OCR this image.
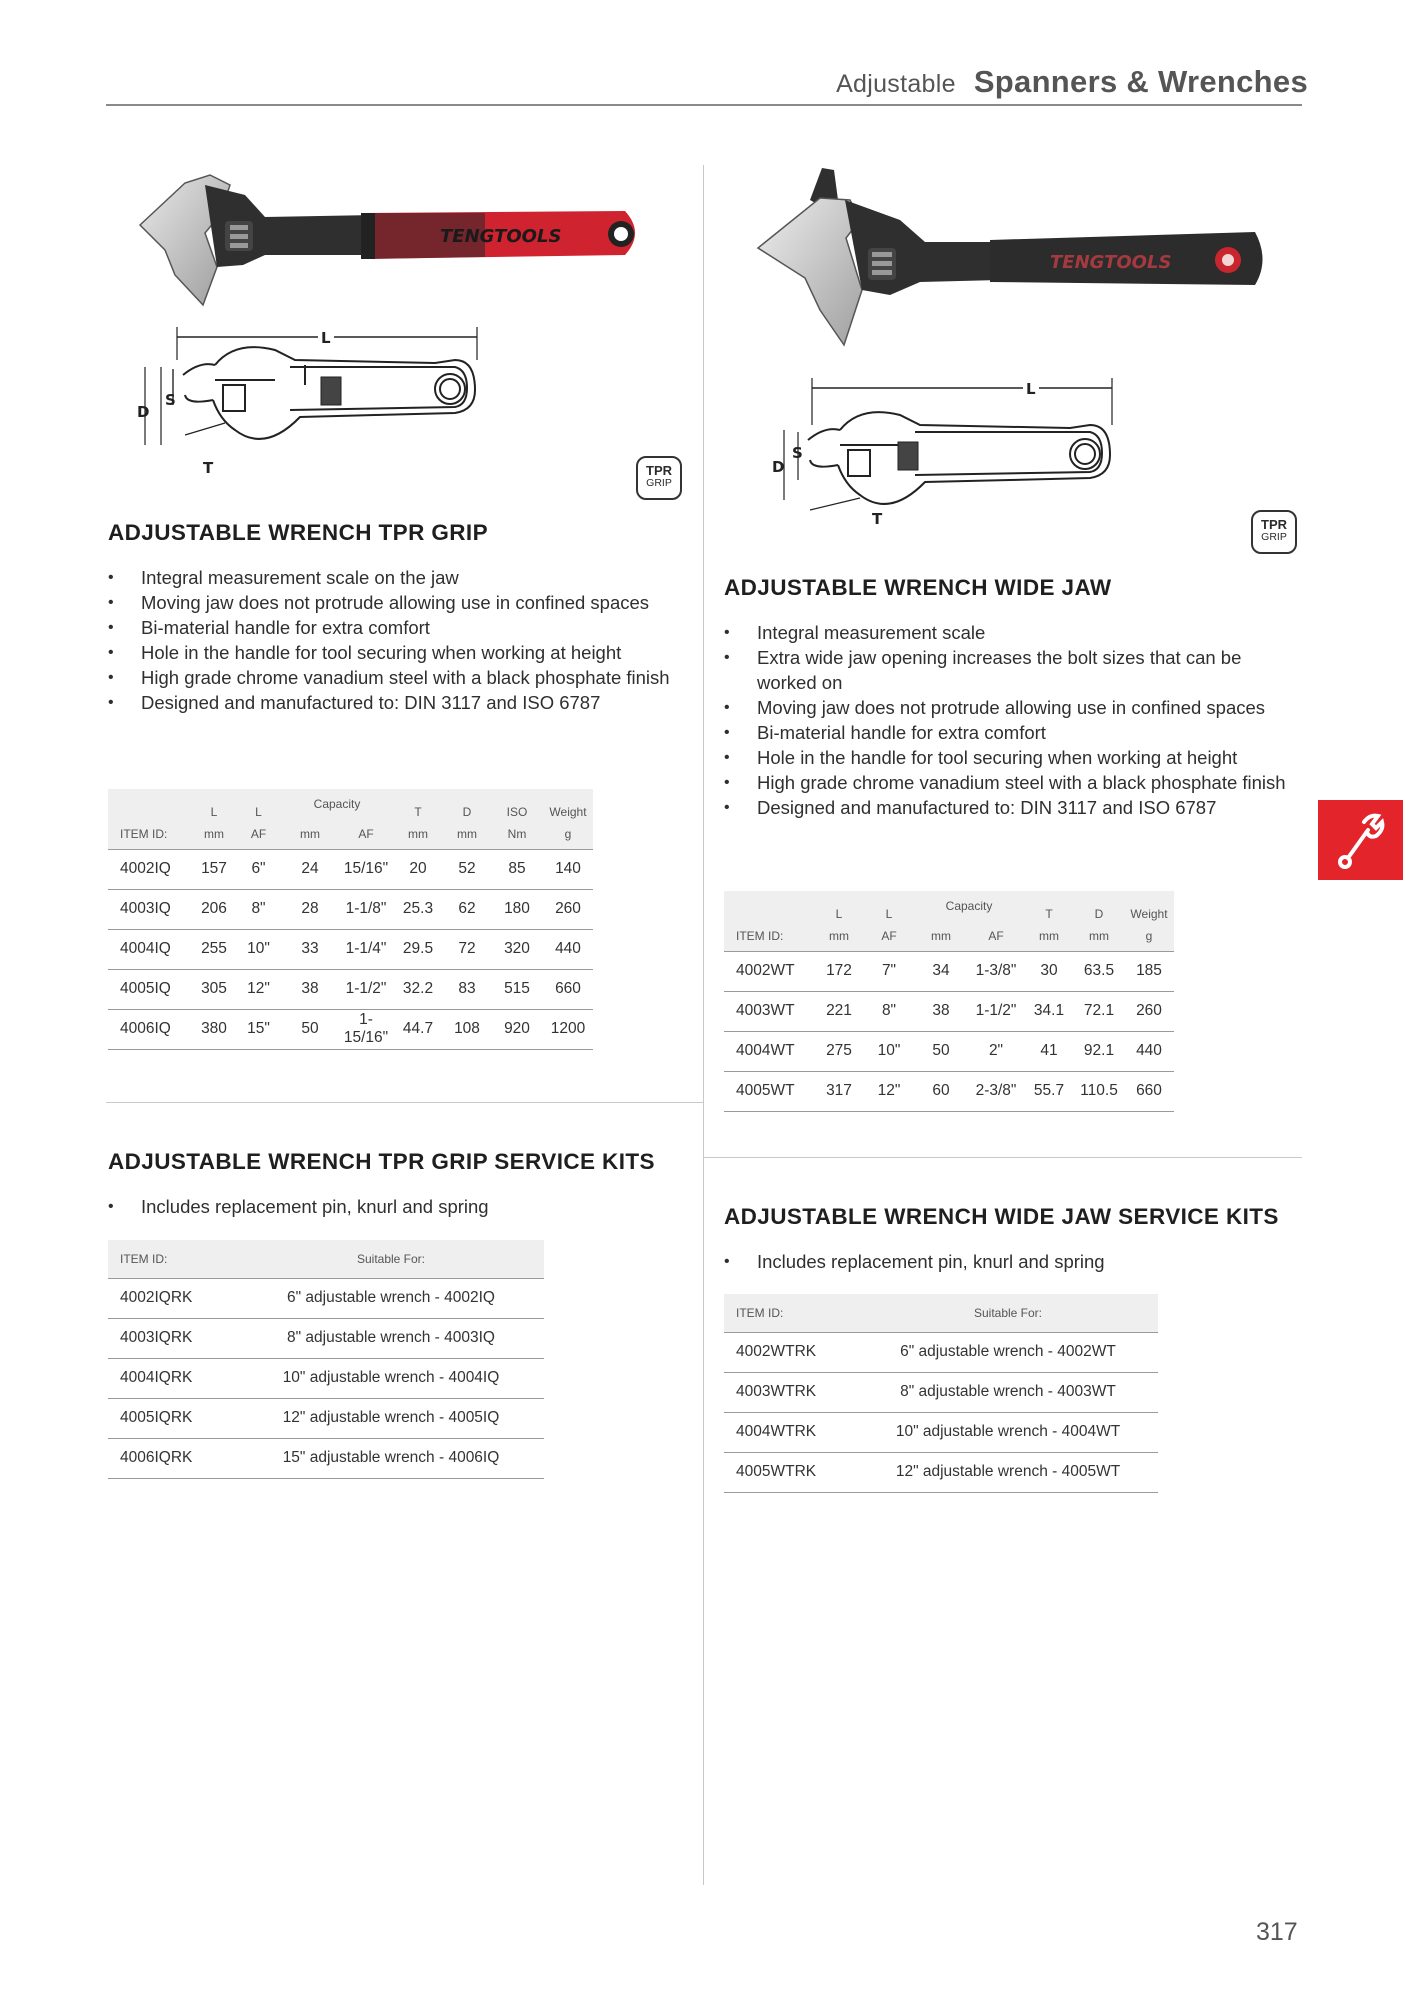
Adjustable Spanners & Wrenches
TENGTOOLS
L
D
S
T	TPR
GRIP
ADJUSTABLE WRENCH TPR GRIP
• Integral measurement scale on the jaw
• Moving jaw does not protrude allowing use in confined spaces
• Bi-material handle for extra comfort
• Hole in the handle for tool securing when working at height
• High grade chrome vanadium steel with a black phosphate finish
• Designed and manufactured to: DIN 3117 and ISO 6787
	L	L	Capacity		T	D	ISO	Weight
ITEM ID:	mm	AF	mm	AF	mm	mm	Nm	g
4002IQ	157	6"	24	15/16"	20	52	85	140
4003IQ	206	8"	28	1-1/8"	25.3	62	180	260
4004IQ	255	10"	33	1-1/4"	29.5	72	320	440
4005IQ	305	12"	38	1-1/2"	32.2	83	515	660
4006IQ	380	15"	50	1-15/16"	44.7	108	920	1200
ADJUSTABLE WRENCH TPR GRIP SERVICE KITS
• Includes replacement pin, knurl and spring
ITEM ID:	Suitable For:
4002IQRK	6" adjustable wrench - 4002IQ
4003IQRK	8" adjustable wrench - 4003IQ
4004IQRK	10" adjustable wrench - 4004IQ
4005IQRK	12" adjustable wrench - 4005IQ
4006IQRK	15" adjustable wrench - 4006IQ
TENGTOOLS
L
D
S
T	TPR
GRIP
ADJUSTABLE WRENCH WIDE JAW
• Integral measurement scale
• Extra wide jaw opening increases the bolt sizes that can be worked on
• Moving jaw does not protrude allowing use in confined spaces
• Bi-material handle for extra comfort
• Hole in the handle for tool securing when working at height
• High grade chrome vanadium steel with a black phosphate finish
• Designed and manufactured to: DIN 3117 and ISO 6787
	L	L	Capacity		T	D	Weight
ITEM ID:	mm	AF	mm	AF	mm	mm	g
4002WT	172	7"	34	1-3/8"	30	63.5	185
4003WT	221	8"	38	1-1/2"	34.1	72.1	260
4004WT	275	10"	50	2"	41	92.1	440
4005WT	317	12"	60	2-3/8"	55.7	110.5	660
ADJUSTABLE WRENCH WIDE JAW SERVICE KITS
• Includes replacement pin, knurl and spring
ITEM ID:	Suitable For:
4002WTRK	6" adjustable wrench - 4002WT
4003WTRK	8" adjustable wrench - 4003WT
4004WTRK	10" adjustable wrench - 4004WT
4005WTRK	12" adjustable wrench - 4005WT
317
